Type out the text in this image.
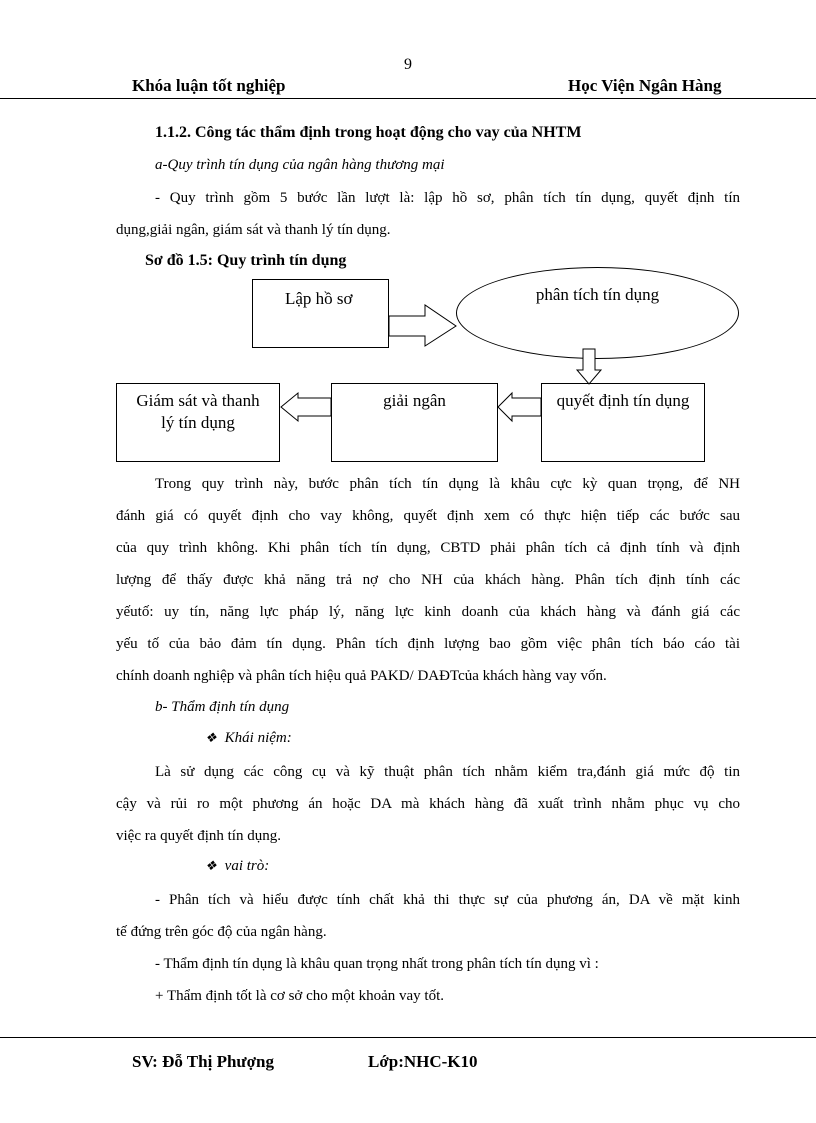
9
Khóa luận tốt nghiệp	Học Viện Ngân Hàng
1.1.2. Công tác thẩm định trong hoạt động cho vay của NHTM
a-Quy trình tín dụng của ngân hàng thương mại
- Quy trình gồm 5 bước lần lượt là: lập hồ sơ, phân tích tín dụng, quyết định tín
dụng,giải ngân, giám sát và thanh lý tín dụng.
Sơ đồ 1.5: Quy trình tín dụng
Lập hồ sơ	phân tích tín dụng
quyết định tín dụng
giải ngân
Giám sát và thanh
lý tín dụng
Trong quy trình này, bước phân tích tín dụng là khâu cực kỳ quan trọng, để NH
đánh giá có quyết định cho vay không, quyết định xem có thực hiện tiếp các bước sau
của quy trình không. Khi phân tích tín dụng, CBTD phải phân tích cả định tính và định
lượng để thấy được khả năng trả nợ cho NH của khách hàng. Phân tích định tính các
yếutố: uy tín, năng lực pháp lý, năng lực kinh doanh của khách hàng và đánh giá các
yếu tố của bảo đảm tín dụng. Phân tích định lượng bao gồm việc phân tích báo cáo tài
chính doanh nghiệp và phân tích hiệu quả PAKD/ DAĐTcủa khách hàng vay vốn.
b- Thẩm định tín dụng
❖ Khái niệm:
Là sử dụng các công cụ và kỹ thuật phân tích nhằm kiểm tra,đánh giá mức độ tin
cậy và rủi ro một phương án hoặc DA mà khách hàng đã xuất trình nhằm phục vụ cho
việc ra quyết định tín dụng.
❖ vai trò:
- Phân tích và hiểu được tính chất khả thi thực sự của phương án, DA về mặt kinh
tế đứng trên góc độ của ngân hàng.
- Thẩm định tín dụng là khâu quan trọng nhất trong phân tích tín dụng vì :
+ Thẩm định tốt là cơ sở cho một khoản vay tốt.
SV: Đỗ Thị Phượng	Lớp:NHC-K10
